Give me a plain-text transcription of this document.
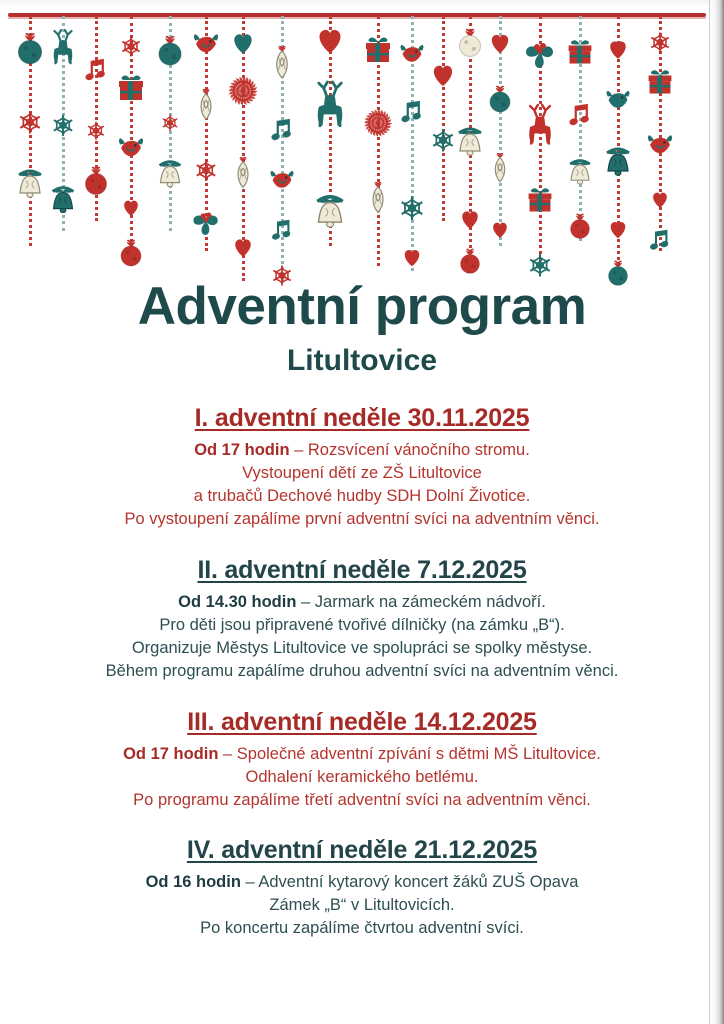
Adventní program
Litultovice
I. adventní neděle 30.11.2025

Od 17 hodin – Rozsvícení vánočního stromu.

Vystoupení dětí ze ZŠ Litultovice

a trubačů Dechové hudby SDH Dolní Životice.

Po vystoupení zapálíme první adventní svíci na adventním věnci.

II. adventní neděle 7.12.2025

Od 14.30 hodin – Jarmark na zámeckém nádvoří.

Pro děti jsou připravené tvořivé dílničky (na zámku „B“).

Organizuje Městys Litultovice ve spolupráci se spolky městyse.

Během programu zapálíme druhou adventní svíci na adventním věnci.

III. adventní neděle 14.12.2025

Od 17 hodin – Společné adventní zpívání s dětmi MŠ Litultovice.

Odhalení keramického betlému.

Po programu zapálíme třetí adventní svíci na adventním věnci.

IV. adventní neděle 21.12.2025

Od 16 hodin – Adventní kytarový koncert žáků ZUŠ Opava

Zámek „B“ v Litultovicích.

Po koncertu zapálíme čtvrtou adventní svíci.
